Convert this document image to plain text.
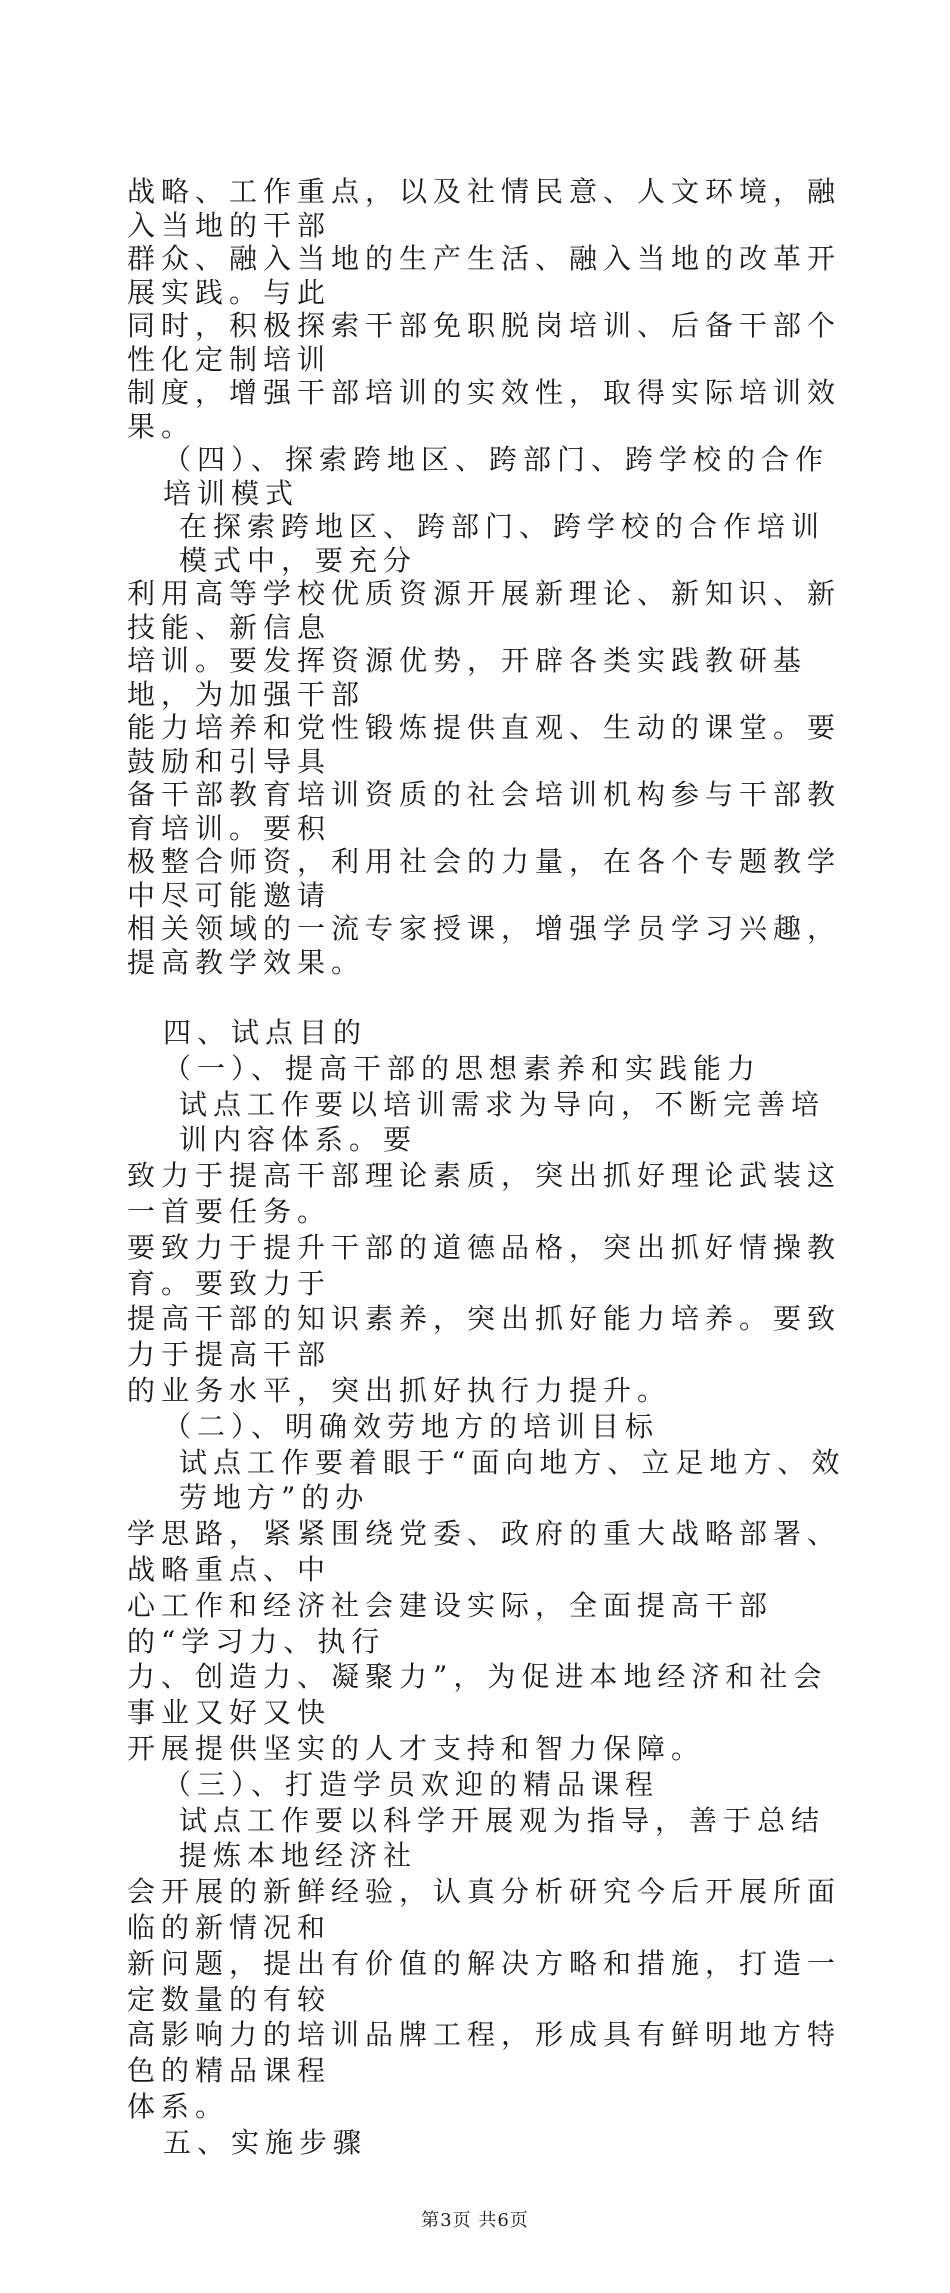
战略、工作重点，以及社情民意、人文环境，融入当地的干部
群众、融入当地的生产生活、融入当地的改革开展实践。与此
同时，积极探索干部免职脱岗培训、后备干部个性化定制培训
制度，增强干部培训的实效性，取得实际培训效果。
（四）、探索跨地区、跨部门、跨学校的合作培训模式
在探索跨地区、跨部门、跨学校的合作培训模式中，要充分
利用高等学校优质资源开展新理论、新知识、新技能、新信息
培训。要发挥资源优势，开辟各类实践教研基地，为加强干部
能力培养和党性锻炼提供直观、生动的课堂。要鼓励和引导具
备干部教育培训资质的社会培训机构参与干部教育培训。要积
极整合师资，利用社会的力量，在各个专题教学中尽可能邀请
相关领域的一流专家授课，增强学员学习兴趣，提高教学效果。
四、试点目的
（一）、提高干部的思想素养和实践能力
试点工作要以培训需求为导向，不断完善培训内容体系。要
致力于提高干部理论素质，突出抓好理论武装这一首要任务。
要致力于提升干部的道德品格，突出抓好情操教育。要致力于
提高干部的知识素养，突出抓好能力培养。要致力于提高干部
的业务水平，突出抓好执行力提升。
（二）、明确效劳地方的培训目标
试点工作要着眼于“面向地方、立足地方、效劳地方”的办
学思路，紧紧围绕党委、政府的重大战略部署、战略重点、中
心工作和经济社会建设实际，全面提高干部的“学习力、执行
力、创造力、凝聚力”，为促进本地经济和社会事业又好又快
开展提供坚实的人才支持和智力保障。
（三）、打造学员欢迎的精品课程
试点工作要以科学开展观为指导，善于总结提炼本地经济社
会开展的新鲜经验，认真分析研究今后开展所面临的新情况和
新问题，提出有价值的解决方略和措施，打造一定数量的有较
高影响力的培训品牌工程，形成具有鲜明地方特色的精品课程
体系。
五、实施步骤
第3页 共6页
